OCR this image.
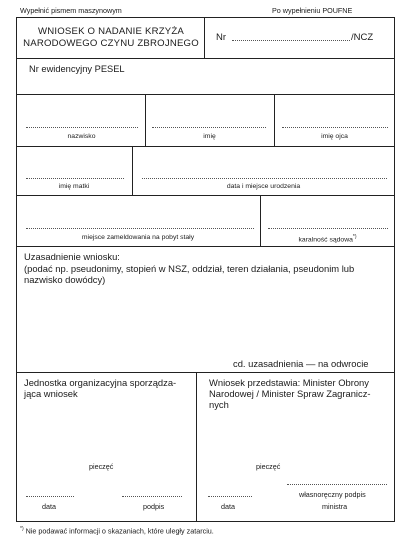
Wypełnić pismem maszynowym	Po wypełnieniu POUFNE
WNIOSEK O NADANIE KRZYŻA
NARODOWEGO CZYNU ZBROJNEGO
Nr	/NCZ
Nr ewidencyjny PESEL
nazwisko	imię	imię ojca
imię matki	data i miejsce urodzenia
miejsce zameldowania na pobyt stały	karalność sądowa*)
Uzasadnienie wniosku:
(podać np. pseudonimy, stopień w NSZ, oddział, teren działania, pseudonim lub
nazwisko dowódcy)
cd. uzasadnienia — na odwrocie
Jednostka organizacyjna sporządza-
jąca wniosek
pieczęć
data	podpis
Wniosek przedstawia: Minister Obrony
Narodowej / Minister Spraw Zagranicz-
nych
pieczęć
własnoręczny podpis
data	ministra
*) Nie podawać informacji o skazaniach, które uległy zatarciu.
